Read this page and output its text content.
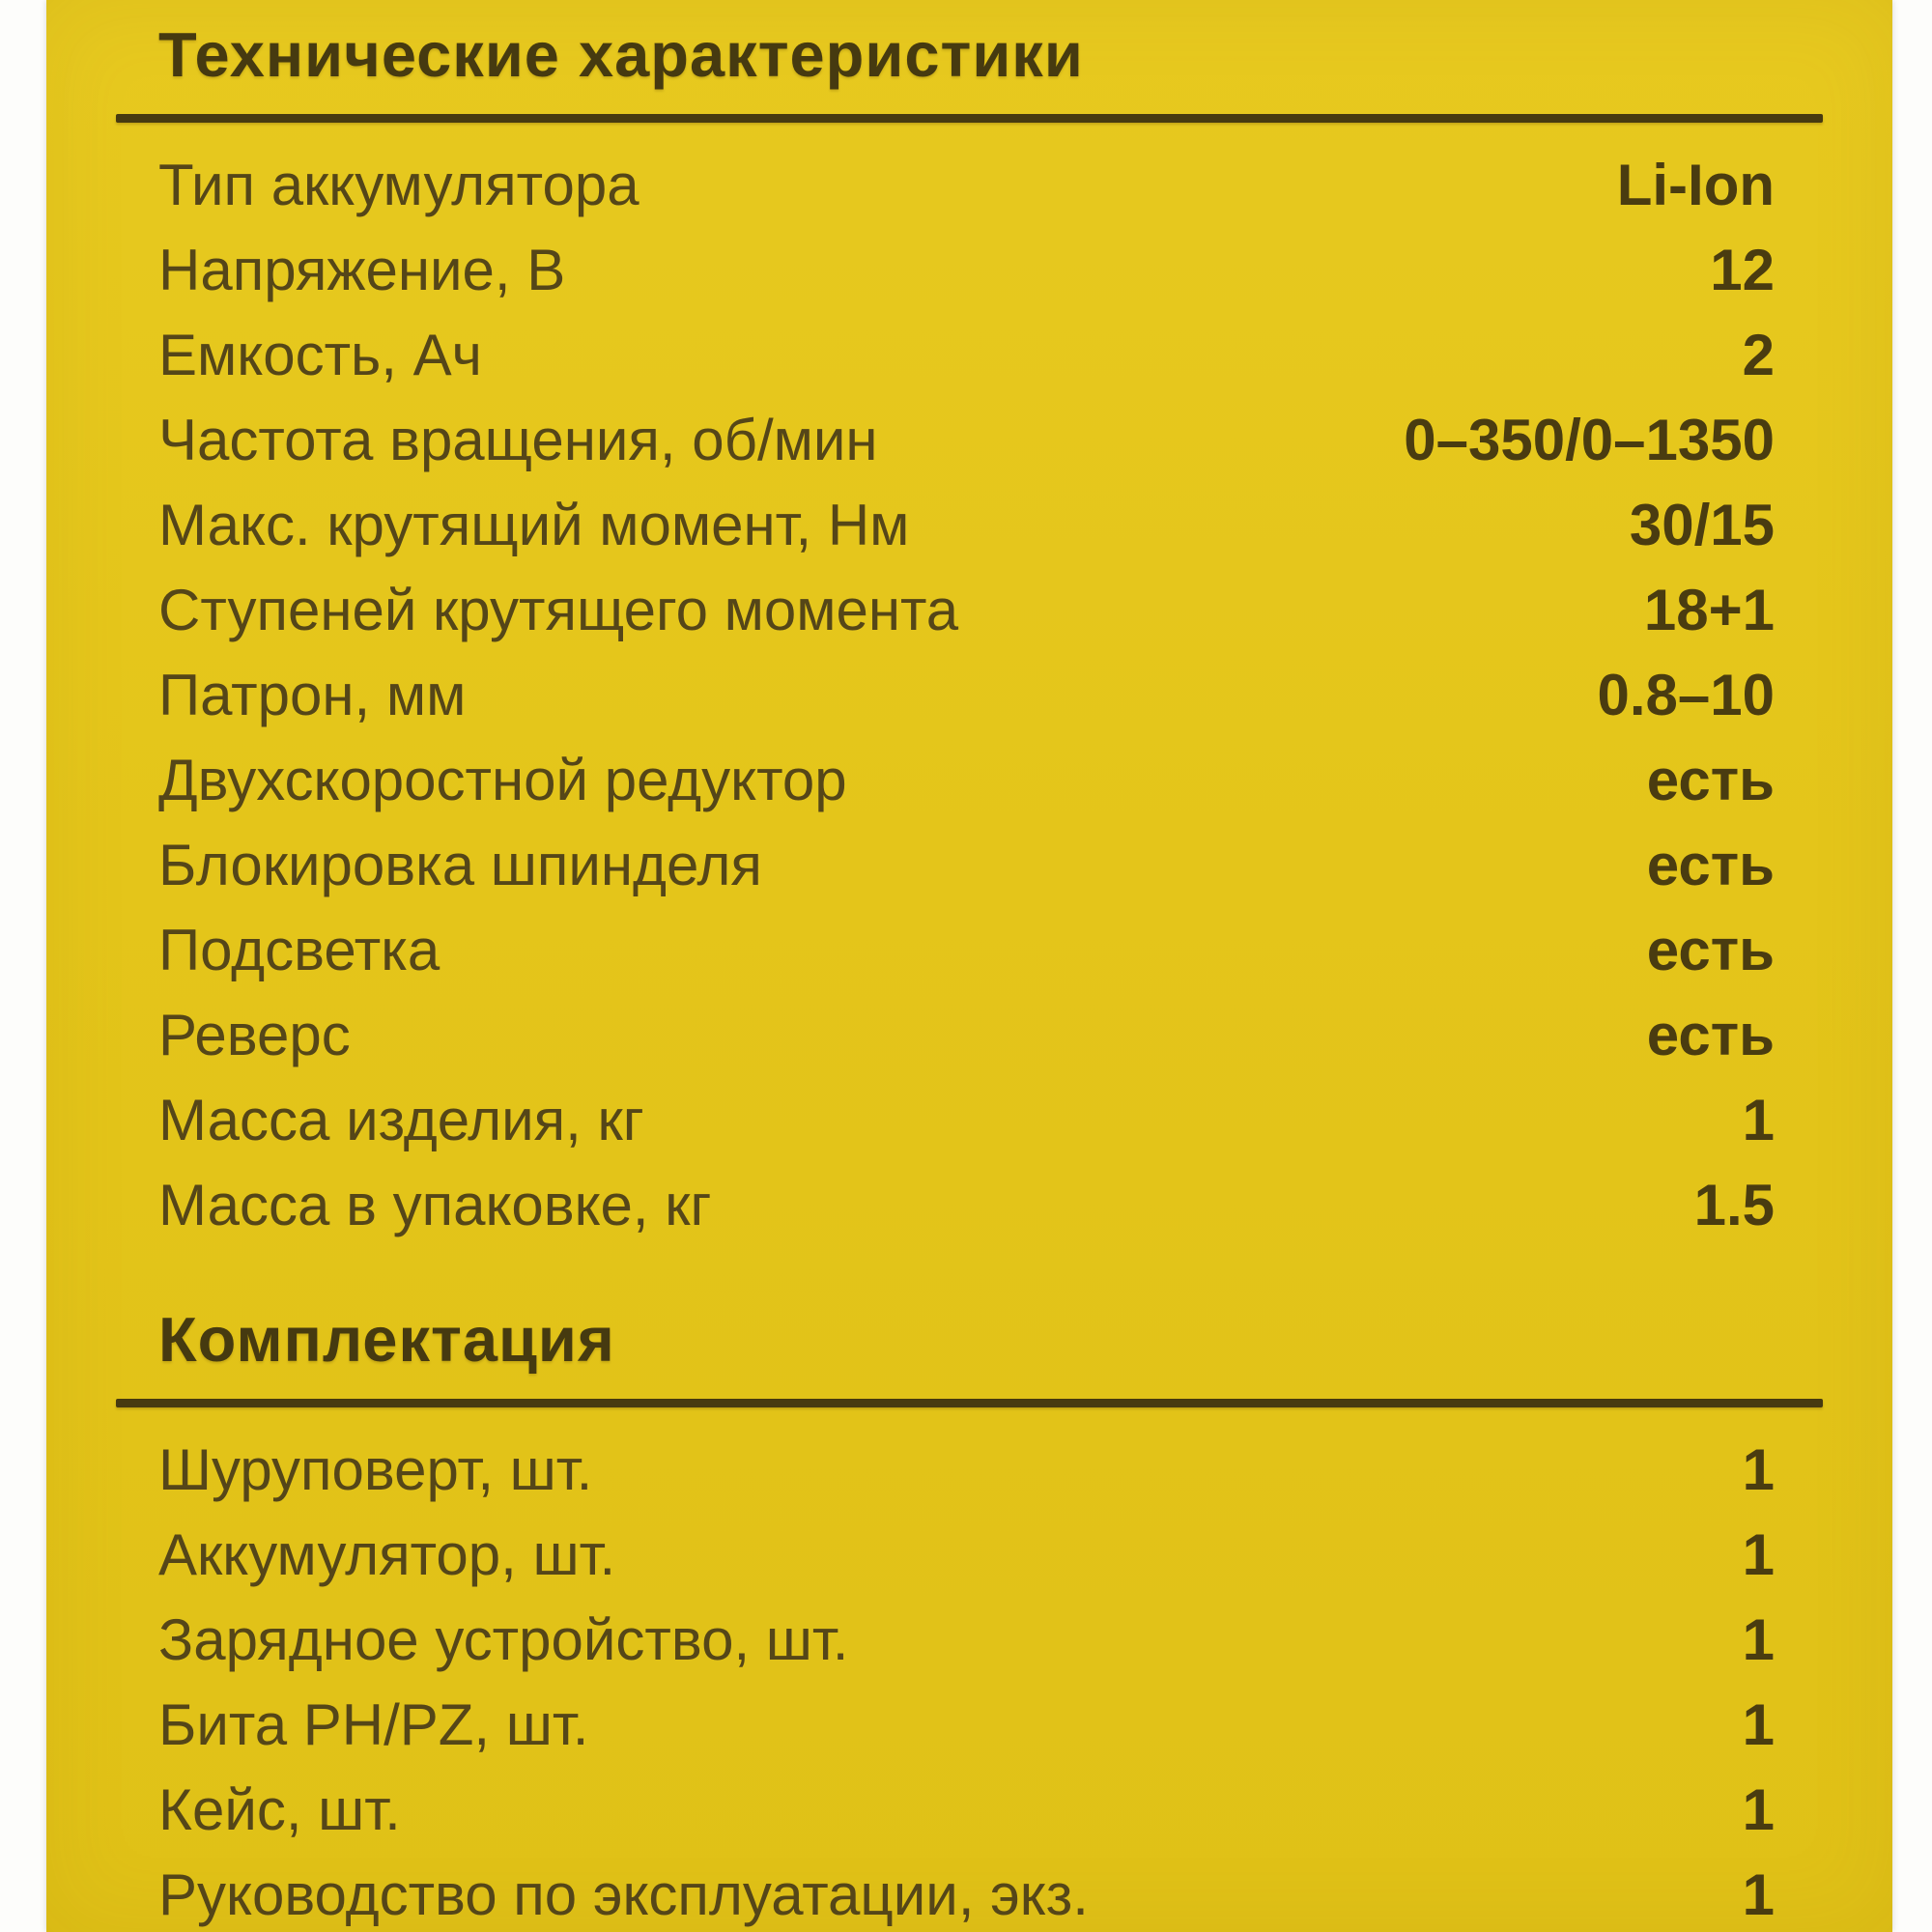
Технические характеристики
Тип аккумулятора	Li-Ion
Напряжение, В	12
Емкость, Ач	2
Частота вращения, об/мин	0–350/0–1350
Макс. крутящий момент, Нм	30/15
Ступеней крутящего момента	18+1
Патрон, мм	0.8–10
Двухскоростной редуктор	есть
Блокировка шпинделя	есть
Подсветка	есть
Реверс	есть
Масса изделия, кг	1
Масса в упаковке, кг	1.5
Комплектация
Шуруповерт, шт.	1
Аккумулятор, шт.	1
Зарядное устройство, шт.	1
Бита PH/PZ, шт.	1
Кейс, шт.	1
Руководство по эксплуатации, экз.	1
